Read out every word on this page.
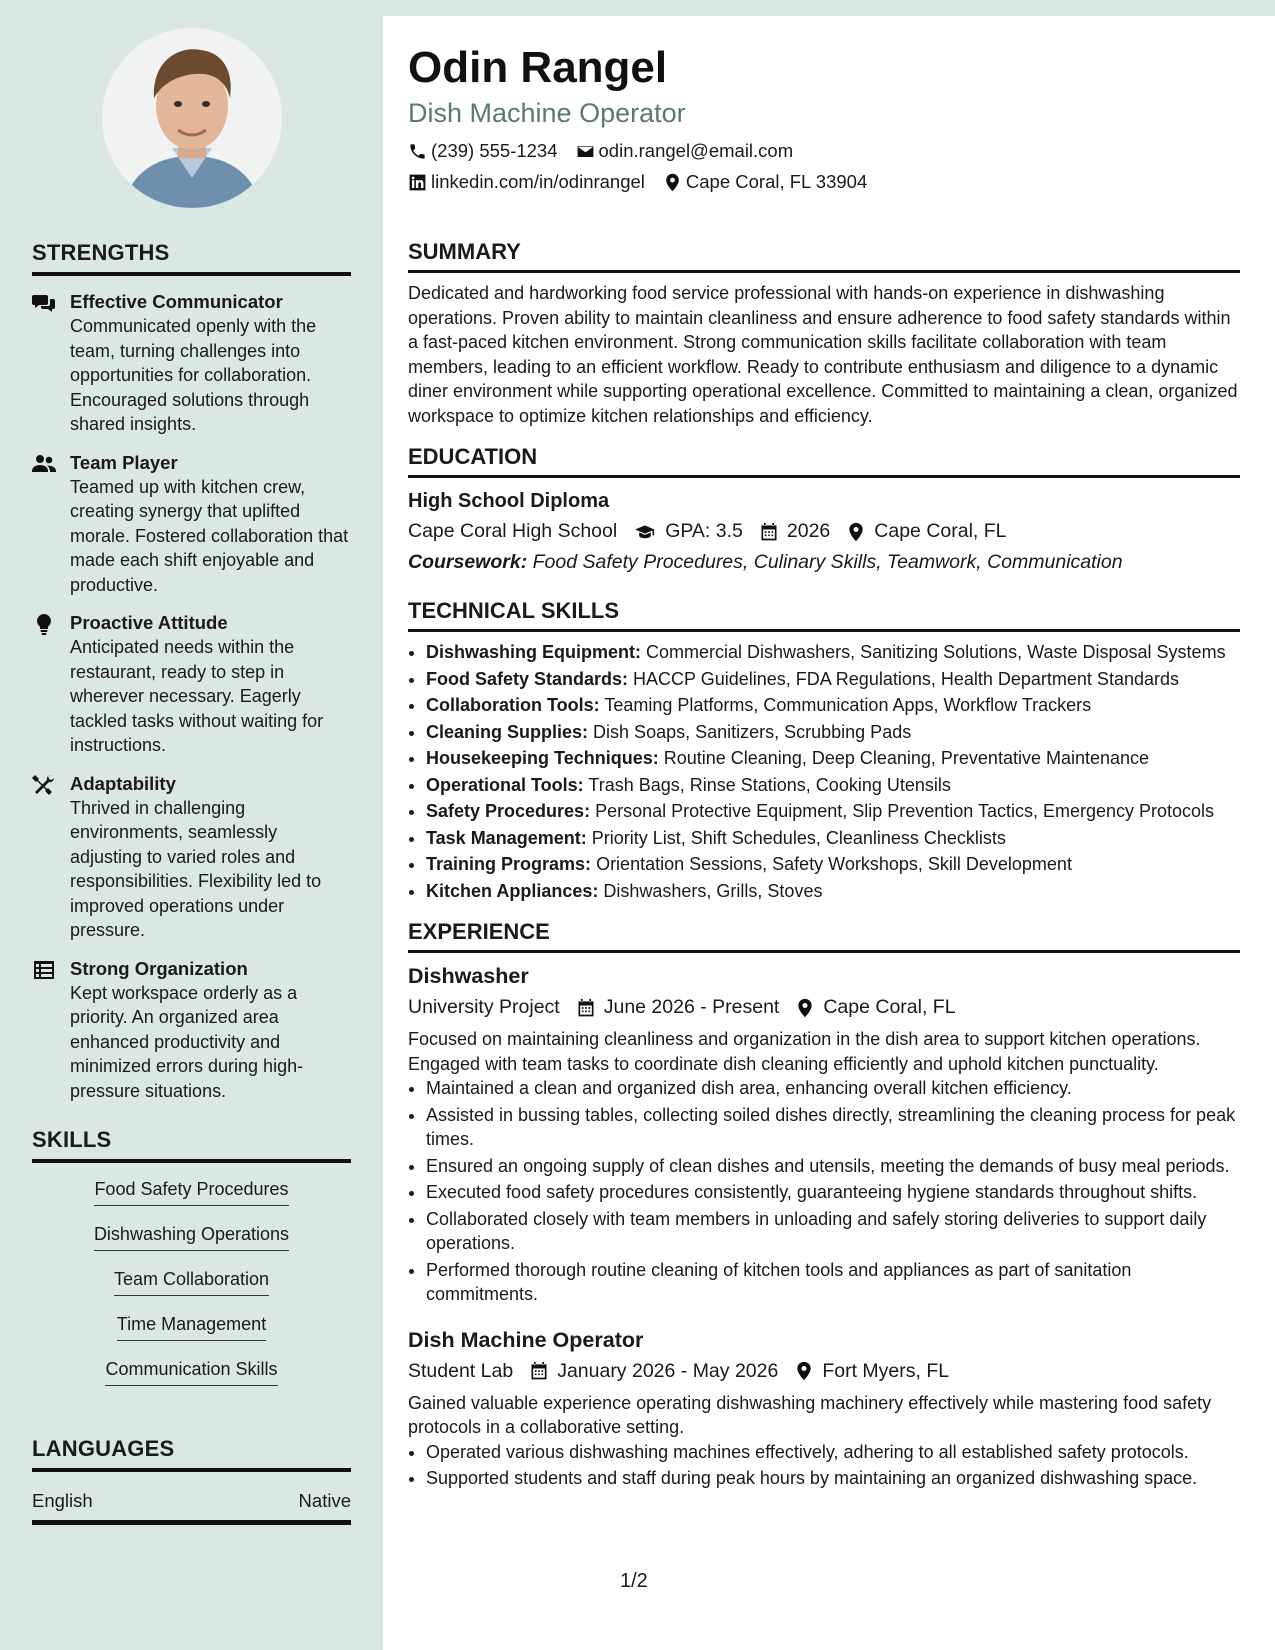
STRENGTHS
Effective Communicator
Communicated openly with the team, turning challenges into opportunities for collaboration. Encouraged solutions through shared insights.
Team Player
Teamed up with kitchen crew, creating synergy that uplifted morale. Fostered collaboration that made each shift enjoyable and productive.
Proactive Attitude
Anticipated needs within the restaurant, ready to step in wherever necessary. Eagerly tackled tasks without waiting for instructions.
Adaptability
Thrived in challenging environments, seamlessly adjusting to varied roles and responsibilities. Flexibility led to improved operations under pressure.
Strong Organization
Kept workspace orderly as a priority. An organized area enhanced productivity and minimized errors during high-pressure situations.
SKILLS
Food Safety Procedures
Dishwashing Operations
Team Collaboration
Time Management
Communication Skills
LANGUAGES
English	Native
Odin Rangel
Dish Machine Operator
(239) 555-1234 odin.rangel@email.com
linkedin.com/in/odinrangel Cape Coral, FL 33904
SUMMARY
Dedicated and hardworking food service professional with hands-on experience in dishwashing operations. Proven ability to maintain cleanliness and ensure adherence to food safety standards within a fast-paced kitchen environment. Strong communication skills facilitate collaboration with team members, leading to an efficient workflow. Ready to contribute enthusiasm and diligence to a dynamic diner environment while supporting operational excellence. Committed to maintaining a clean, organized workspace to optimize kitchen relationships and efficiency.
EDUCATION
High School Diploma
Cape Coral High School GPA: 3.5 2026 Cape Coral, FL
Coursework: Food Safety Procedures, Culinary Skills, Teamwork, Communication
TECHNICAL SKILLS
• Dishwashing Equipment: Commercial Dishwashers, Sanitizing Solutions, Waste Disposal Systems
• Food Safety Standards: HACCP Guidelines, FDA Regulations, Health Department Standards
• Collaboration Tools: Teaming Platforms, Communication Apps, Workflow Trackers
• Cleaning Supplies: Dish Soaps, Sanitizers, Scrubbing Pads
• Housekeeping Techniques: Routine Cleaning, Deep Cleaning, Preventative Maintenance
• Operational Tools: Trash Bags, Rinse Stations, Cooking Utensils
• Safety Procedures: Personal Protective Equipment, Slip Prevention Tactics, Emergency Protocols
• Task Management: Priority List, Shift Schedules, Cleanliness Checklists
• Training Programs: Orientation Sessions, Safety Workshops, Skill Development
• Kitchen Appliances: Dishwashers, Grills, Stoves
EXPERIENCE
Dishwasher
University Project June 2026 - Present Cape Coral, FL
Focused on maintaining cleanliness and organization in the dish area to support kitchen operations. Engaged with team tasks to coordinate dish cleaning efficiently and uphold kitchen punctuality.
• Maintained a clean and organized dish area, enhancing overall kitchen efficiency.
• Assisted in bussing tables, collecting soiled dishes directly, streamlining the cleaning process for peak times.
• Ensured an ongoing supply of clean dishes and utensils, meeting the demands of busy meal periods.
• Executed food safety procedures consistently, guaranteeing hygiene standards throughout shifts.
• Collaborated closely with team members in unloading and safely storing deliveries to support daily operations.
• Performed thorough routine cleaning of kitchen tools and appliances as part of sanitation commitments.
Dish Machine Operator
Student Lab January 2026 - May 2026 Fort Myers, FL
Gained valuable experience operating dishwashing machinery effectively while mastering food safety protocols in a collaborative setting.
• Operated various dishwashing machines effectively, adhering to all established safety protocols.
• Supported students and staff during peak hours by maintaining an organized dishwashing space.
1/2
